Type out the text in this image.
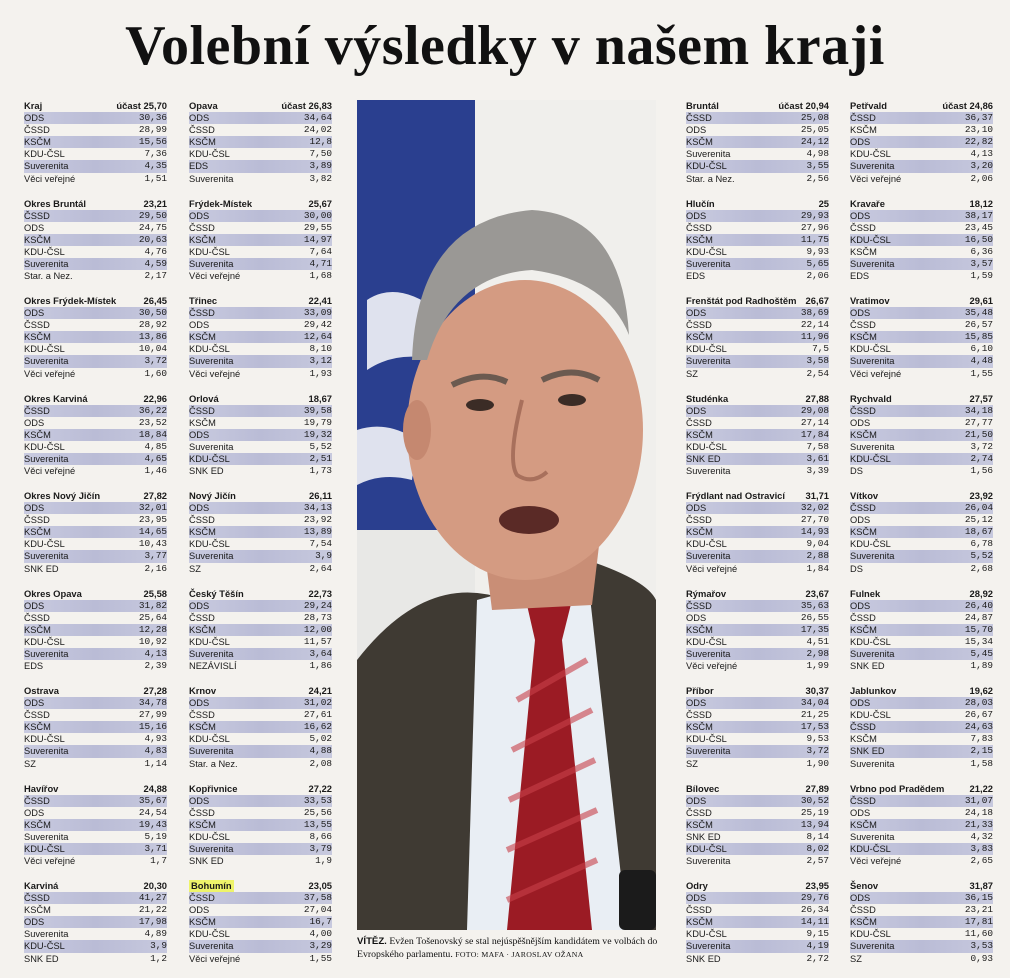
Volební výsledky v našem kraji
Kraj	účast 25,70
ODS	30,36
ČSSD	28,99
KSČM	15,56
KDU-ČSL	7,36
Suverenita	4,35
Věci veřejné	1,51
Okres Bruntál	23,21
ČSSD	29,50
ODS	24,75
KSČM	20,63
KDU-ČSL	4,76
Suverenita	4,59
Star. a Nez.	2,17
Okres Frýdek-Místek	26,45
ODS	30,50
ČSSD	28,92
KSČM	13,86
KDU-ČSL	10,04
Suverenita	3,72
Věci veřejné	1,60
Okres Karviná	22,96
ČSSD	36,22
ODS	23,52
KSČM	18,84
KDU-ČSL	4,85
Suverenita	4,65
Věci veřejné	1,46
Okres Nový Jičín	27,82
ODS	32,01
ČSSD	23,95
KSČM	14,65
KDU-ČSL	10,43
Suverenita	3,77
SNK ED	2,16
Okres Opava	25,58
ODS	31,82
ČSSD	25,64
KSČM	12,28
KDU-ČSL	10,92
Suverenita	4,13
EDS	2,39
Ostrava	27,28
ODS	34,78
ČSSD	27,99
KSČM	15,16
KDU-ČSL	4,93
Suverenita	4,83
SZ	1,14
Havířov	24,88
ČSSD	35,67
ODS	24,54
KSČM	19,43
Suverenita	5,19
KDU-ČSL	3,71
Věci veřejné	1,7
Karviná	20,30
ČSSD	41,27
KSČM	21,22
ODS	17,98
Suverenita	4,89
KDU-ČSL	3,9
SNK ED	1,2
Opava	účast 26,83
ODS	34,64
ČSSD	24,02
KSČM	12,8
KDU-ČSL	7,50
EDS	3,89
Suverenita	3,82
Frýdek-Místek	25,67
ODS	30,00
ČSSD	29,55
KSČM	14,97
KDU-ČSL	7,64
Suverenita	4,71
Věci veřejné	1,68
Třinec	22,41
ČSSD	33,09
ODS	29,42
KSČM	12,64
KDU-ČSL	8,10
Suverenita	3,12
Věci veřejné	1,93
Orlová	18,67
ČSSD	39,58
KSČM	19,79
ODS	19,32
Suverenita	5,52
KDU-ČSL	2,51
SNK ED	1,73
Nový Jičín	26,11
ODS	34,13
ČSSD	23,92
KSČM	13,89
KDU-ČSL	7,54
Suverenita	3,9
SZ	2,64
Český Těšín	22,73
ODS	29,24
ČSSD	28,73
KSČM	12,00
KDU-ČSL	11,57
Suverenita	3,64
NEZÁVISLÍ	1,86
Krnov	24,21
ODS	31,02
ČSSD	27,61
KSČM	16,62
KDU-ČSL	5,02
Suverenita	4,88
Star. a Nez.	2,08
Kopřivnice	27,22
ODS	33,53
ČSSD	25,56
KSČM	13,55
KDU-ČSL	8,66
Suverenita	3,79
SNK ED	1,9
Bohumín	23,05
ČSSD	37,58
ODS	27,04
KSČM	16,7
KDU-ČSL	4,00
Suverenita	3,29
Věci veřejné	1,55
Bruntál	účast 20,94
ČSSD	25,08
ODS	25,05
KSČM	24,12
Suverenita	4,98
KDU-ČSL	3,55
Star. a Nez.	2,56
Hlučín	25
ODS	29,93
ČSSD	27,96
KSČM	11,75
KDU-ČSL	9,93
Suverenita	5,65
EDS	2,06
Frenštát pod Radhoštěm 26,67
ODS	38,69
ČSSD	22,14
KSČM	11,96
KDU-ČSL	7,5
Suverenita	3,58
SZ	2,54
Studénka	27,88
ODS	29,08
ČSSD	27,14
KSČM	17,84
KDU-ČSL	7,58
SNK ED	3,61
Suverenita	3,39
Frýdlant nad Ostravicí 31,71
ODS	32,02
ČSSD	27,70
KSČM	14,93
KDU-ČSL	9,04
Suverenita	2,88
Věci veřejné	1,84
Rýmařov	23,67
ČSSD	35,63
ODS	26,55
KSČM	17,35
KDU-ČSL	4,51
Suverenita	2,98
Věci veřejné	1,99
Příbor	30,37
ODS	34,04
ČSSD	21,25
KSČM	17,53
KDU-ČSL	9,53
Suverenita	3,72
SZ	1,90
Bílovec	27,89
ODS	30,52
ČSSD	25,19
KSČM	13,94
SNK ED	8,14
KDU-ČSL	8,02
Suverenita	2,57
Odry	23,95
ODS	29,76
ČSSD	26,34
KSČM	14,11
KDU-ČSL	9,15
Suverenita	4,19
SNK ED	2,72
Petřvald	účast 24,86
ČSSD	36,37
KSČM	23,10
ODS	22,82
KDU-ČSL	4,13
Suverenita	3,20
Věci veřejné	2,06
Kravaře	18,12
ODS	38,17
ČSSD	23,45
KDU-ČSL	16,50
KSČM	6,36
Suverenita	3,57
EDS	1,59
Vratimov	29,61
ODS	35,48
ČSSD	26,57
KSČM	15,85
KDU-ČSL	6,10
Suverenita	4,48
Věci veřejné	1,55
Rychvald	27,57
ČSSD	34,18
ODS	27,77
KSČM	21,50
Suverenita	3,72
KDU-ČSL	2,74
DS	1,56
Vítkov	23,92
ČSSD	26,04
ODS	25,12
KSČM	18,67
KDU-ČSL	6,78
Suverenita	5,52
DS	2,68
Fulnek	28,92
ODS	26,40
ČSSD	24,87
KSČM	15,70
KDU-ČSL	15,34
Suverenita	5,45
SNK ED	1,89
Jablunkov	19,62
ODS	28,03
KDU-ČSL	26,67
ČSSD	24,63
KSČM	7,83
SNK ED	2,15
Suverenita	1,58
Vrbno pod Pradědem	21,22
ČSSD	31,07
ODS	24,18
KSČM	21,33
Suverenita	4,32
KDU-ČSL	3,83
Věci veřejné	2,65
Šenov	31,87
ODS	36,15
ČSSD	23,21
KSČM	17,81
KDU-ČSL	11,60
Suverenita	3,53
SZ	0,93
VÍTĚZ. Evžen Tošenovský se stal nejúspěšnějším kandidátem ve volbách do Evropského parlamentu. FOTO: MAFA · JAROSLAV OŽANA
